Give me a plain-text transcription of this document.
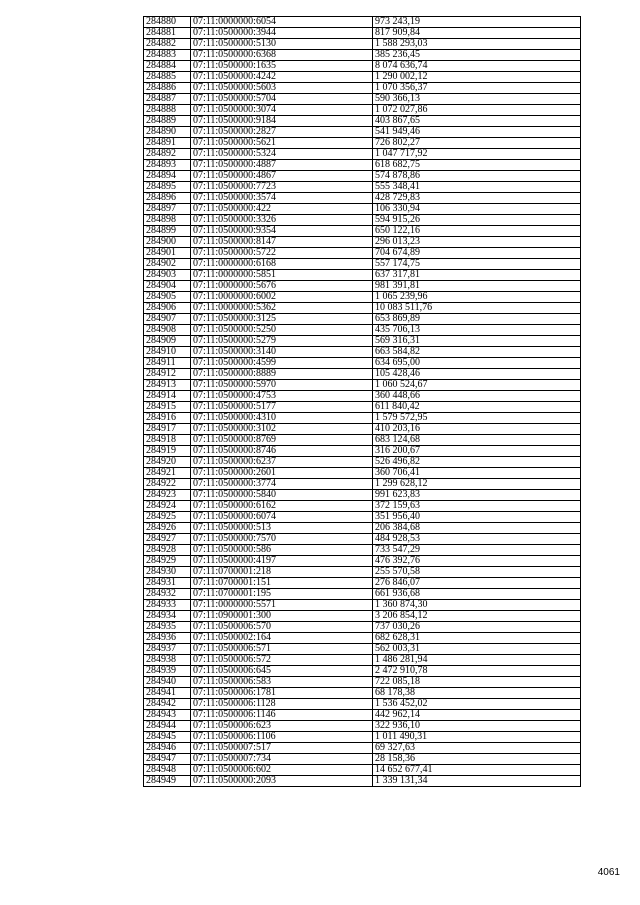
284880	07:11:0000000:6054	973 243,19
284881	07:11:0500000:3944	817 909,84
284882	07:11:0500000:5130	1 588 293,03
284883	07:11:0500000:6368	385 236,45
284884	07:11:0500000:1635	8 074 636,74
284885	07:11:0500000:4242	1 290 002,12
284886	07:11:0500000:5603	1 070 356,37
284887	07:11:0500000:5704	590 366,13
284888	07:11:0500000:3074	1 072 027,86
284889	07:11:0500000:9184	403 867,65
284890	07:11:0500000:2827	541 949,46
284891	07:11:0500000:5621	726 802,27
284892	07:11:0500000:5324	1 047 717,92
284893	07:11:0500000:4887	618 682,75
284894	07:11:0500000:4867	574 878,86
284895	07:11:0500000:7723	555 348,41
284896	07:11:0500000:3574	428 729,83
284897	07:11:0500000:422	106 330,94
284898	07:11:0500000:3326	594 915,26
284899	07:11:0500000:9354	650 122,16
284900	07:11:0500000:8147	296 013,23
284901	07:11:0500000:5722	704 674,89
284902	07:11:0000000:6168	557 174,75
284903	07:11:0000000:5851	637 317,81
284904	07:11:0000000:5676	981 391,81
284905	07:11:0000000:6002	1 065 239,96
284906	07:11:0000000:5362	10 083 511,76
284907	07:11:0500000:3125	653 869,89
284908	07:11:0500000:5250	435 706,13
284909	07:11:0500000:5279	569 316,31
284910	07:11:0500000:3140	663 584,82
284911	07:11:0500000:4599	634 695,00
284912	07:11:0500000:8889	105 428,46
284913	07:11:0500000:5970	1 060 524,67
284914	07:11:0500000:4753	360 448,66
284915	07:11:0500000:5177	611 840,42
284916	07:11:0500000:4310	1 579 572,95
284917	07:11:0500000:3102	410 203,16
284918	07:11:0500000:8769	683 124,68
284919	07:11:0500000:8746	316 200,67
284920	07:11:0500000:6237	526 496,82
284921	07:11:0500000:2601	360 706,41
284922	07:11:0500000:3774	1 299 628,12
284923	07:11:0500000:5840	991 623,83
284924	07:11:0500000:6162	372 159,63
284925	07:11:0500000:6074	351 956,40
284926	07:11:0500000:513	206 384,68
284927	07:11:0500000:7570	484 928,53
284928	07:11:0500000:586	733 547,29
284929	07:11:0500000:4197	476 392,76
284930	07:11:0700001:218	255 570,58
284931	07:11:0700001:151	276 846,07
284932	07:11:0700001:195	661 936,68
284933	07:11:0000000:5571	1 360 874,30
284934	07:11:0900001:300	3 206 854,12
284935	07:11:0500006:570	737 030,26
284936	07:11:0500002:164	682 628,31
284937	07:11:0500006:571	562 003,31
284938	07:11:0500006:572	1 486 281,94
284939	07:11:0500006:645	2 472 910,78
284940	07:11:0500006:583	722 085,18
284941	07:11:0500006:1781	68 178,38
284942	07:11:0500006:1128	1 536 452,02
284943	07:11:0500006:1146	442 962,14
284944	07:11:0500006:623	322 936,10
284945	07:11:0500006:1106	1 011 490,31
284946	07:11:0500007:517	69 327,63
284947	07:11:0500007:734	28 158,36
284948	07:11:0500006:602	14 652 677,41
284949	07:11:0500000:2093	1 339 131,34
4061
